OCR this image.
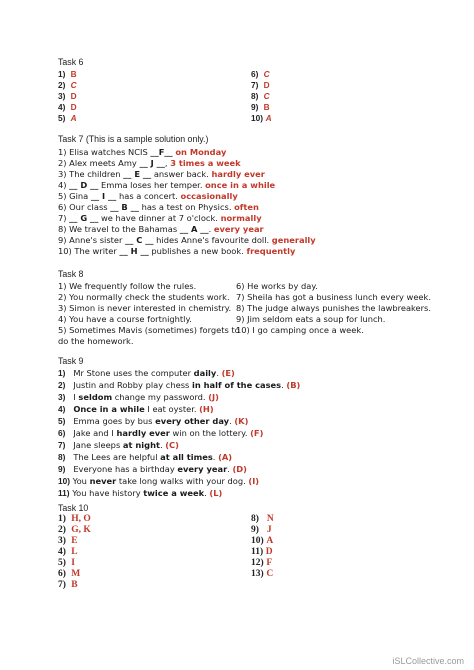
Task 6
1) B
2) C
3) D
4) D
5) A
6) C
7) D
8) C
9) B
10) A
Task 7 (This is a sample solution only.)
1) Elisa watches NCIS __F__ on Monday
2) Alex meets Amy __ J __, 3 times a week
3) The children __ E __ answer back. hardly ever
4) __ D __ Emma loses her temper. once in a while
5) Gina __ I __ has a concert. occasionally
6) Our class __ B __ has a test on Physics. often
7) __ G __ we have dinner at 7 o'clock. normally
8) We travel to the Bahamas __ A __. every year
9) Anne's sister __ C __ hides Anne's favourite doll. generally
10) The writer __ H __ publishes a new book. frequently
Task 8
1) We frequently follow the rules.
2) You normally check the students work.
3) Simon is never interested in chemistry.
4) You have a course fortnightly.
5) Sometimes Mavis (sometimes) forgets to
do the homework.
6) He works by day.
7) Sheila has got a business lunch every week.
8) The judge always punishes the lawbreakers.
9) Jim seldom eats a soup for lunch.
10) I go camping once a week.
Task 9
1) Mr Stone uses the computer daily. (E)
2) Justin and Robby play chess in half of the cases. (B)
3) I seldom change my password. (J)
4) Once in a while I eat oyster. (H)
5) Emma goes by bus every other day. (K)
6) Jake and I hardly ever win on the lottery. (F)
7) Jane sleeps at night. (C)
8) The Lees are helpful at all times. (A)
9) Everyone has a birthday every year. (D)
10) You never take long walks with your dog. (I)
11) You have history twice a week. (L)
Task 10
1) H, O
2) G, K
3) E
4) L
5) I
6) M
7) B
8) N
9) J
10) A
11) D
12) F
13) C
iSLCollective.com
